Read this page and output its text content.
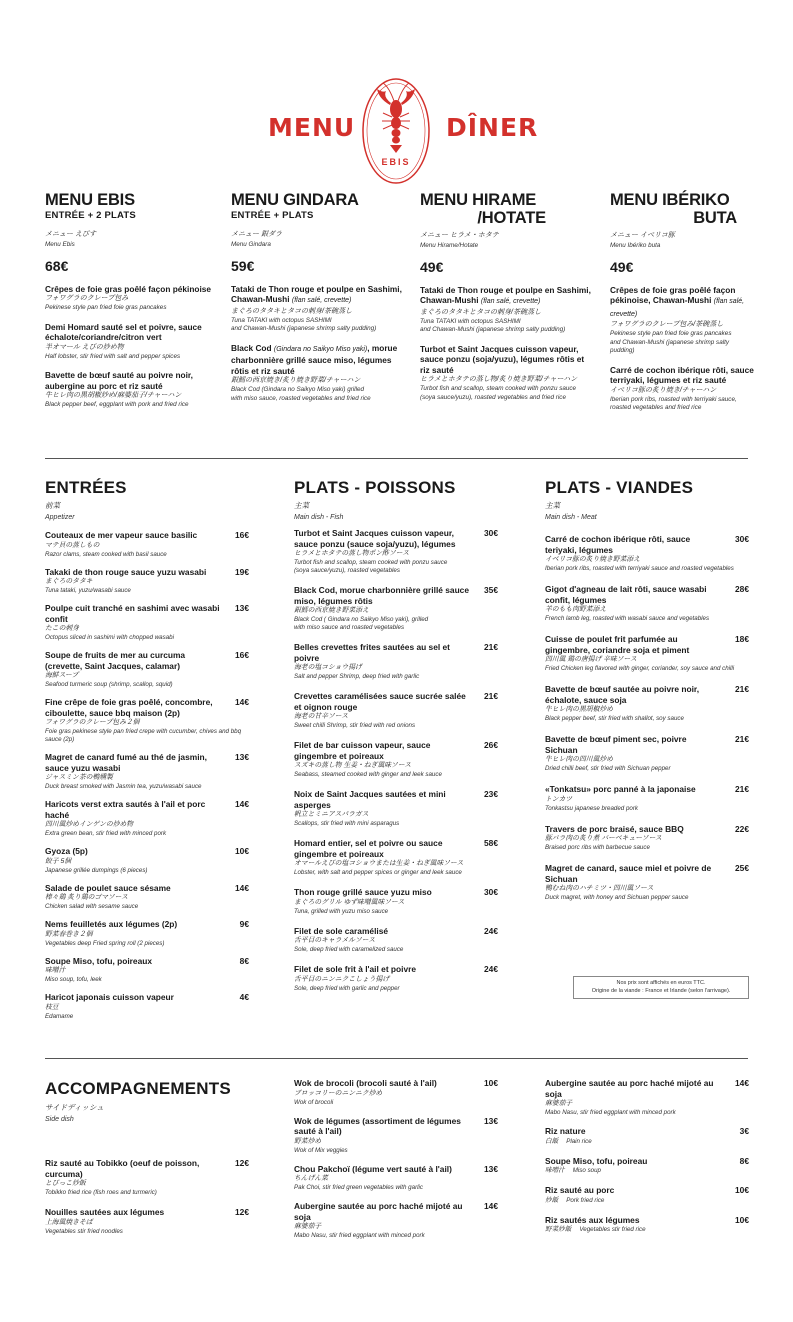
MENU	DÎNER
EBIS
MENU EBIS
ENTRÉE + 2 PLATS
メニュー えびす
Menu Ebis
68€
Crêpes de foie gras poêlé façon pékinoise
フォワグラのクレープ包み
Pekinese style pan fried foie gras pancakes
Demi Homard sauté sel et poivre, sauce échalote/coriandre/citron vert
半オマール えびの炒め物
Half lobster, stir fried with salt and pepper spices
Bavette de bœuf sauté au poivre noir, aubergine au porc et riz sauté
牛ヒレ肉の黒胡椒炒め/麻婆茄子/チャーハン
Black pepper beef, eggplant with pork and fried rice
MENU GINDARA
ENTRÉE + PLATS
メニュー 銀ダラ
Menu Gindara
59€
Tataki de Thon rouge et poulpe en Sashimi, Chawan-Mushi (flan salé, crevette)
まぐろのタタキとタコの刺身/茶碗蒸し
Tuna TATAKI with octopus SASHIMI
and Chawan-Mushi (japanese shrimp salty pudding)
Black Cod (Gindara no Saikyo Miso yaki), morue charbonnière grillé sauce miso, légumes rôtis et riz sauté
銀鱈の西京焼き/炙り焼き野菜/チャーハン
Black Cod (Gindara no Saikyo Miso yaki) grilled
with miso sauce, roasted vegetables and fried rice
MENU HIRAME
/HOTATE
メニュー ヒラメ・ホタテ
Menu Hirame/Hotate
49€
Tataki de Thon rouge et poulpe en Sashimi, Chawan-Mushi (flan salé, crevette)
まぐろのタタキとタコの刺身/茶碗蒸し
Tuna TATAKI with octopus SASHIMI
and Chawan-Mushi (japanese shrimp salty pudding)
Turbot et Saint Jacques cuisson vapeur, sauce ponzu (soja/yuzu), légumes rôtis et riz sauté
ヒラメとホタテの蒸し物/炙り焼き野菜/チャーハン
Turbot fish and scallop, steam cooked with ponzu sauce
(soya sauce/yuzu), roasted vegetables and fried rice
MENU IBÉRIKO
BUTA
メニュー イベリコ豚
Menu Ibériko buta
49€
Crêpes de foie gras poêlé façon pékinoise, Chawan-Mushi (flan salé, crevette)
フォワグラのクレープ包み/茶碗蒸し
Pekinese style pan fried foie gras pancakes
and Chawan-Mushi (japanese shrimp salty pudding)
Carré de cochon ibérique rôti, sauce terriyaki, légumes et riz sauté
イベリコ豚の炙り焼き/チャーハン
Iberian pork ribs, roasted with terriyaki sauce,
roasted vegetables and fried rice
ENTRÉES
前菜
Appetizer
Couteaux de mer vapeur sauce basilic	16€
マテ貝の蒸しもの
Razor clams, steam cooked with basil sauce
Takaki de thon rouge sauce yuzu wasabi	19€
まぐろのタタキ
Tuna tataki, yuzu/wasabi sauce
Poulpe cuit tranché en sashimi avec wasabi confit
13€
たこの刺身
Octopus sliced in sashimi with chopped wasabi
Soupe de fruits de mer au curcuma (crevette, Saint Jacques, calamar)
16€
海鮮スープ
Seafood turmeric soup (shrimp, scallop, squid)
Fine crêpe de foie gras poêlé, concombre, ciboulette, sauce bbq maison (2p)
14€
フォワグラのクレープ包み２個
Foie gras pekinese style pan fried crepe with cucumber, chives and bbq sauce (2p)
Magret de canard fumé au thé de jasmin, sauce yuzu wasabi
13€
ジャスミン茶の鴨燻製
Duck breast smoked with Jasmin tea, yuzu/wasabi sauce
Haricots verst extra sautés à l'ail et porc haché
14€
四川風炒めインゲンの炒め物
Extra green bean, stir fried with minced pork
Gyoza (5p)	10€
餃子 5個
Japanese grillée dumpings (6 pieces)
Salade de poulet sauce sésame	14€
棒々鶏 炙り鶏のゴマソース
Chicken salad with sesame sauce
Nems feuilletés aux légumes (2p)	9€
野菜春巻き２個
Vegetables deep Fried spring roll (2 pieces)
Soupe Miso, tofu, poireaux	8€
味噌汁
Miso soup, tofu, leek
Haricot japonais cuisson vapeur	4€
枝豆
Edamame
PLATS - POISSONS
主菜
Main dish - Fish
Turbot et Saint Jacques cuisson vapeur, sauce ponzu (sauce soja/yuzu), légumes
30€
ヒラメとホタテの蒸し物ポン酢ソース
Turbot fish and scallop, steam cooked with ponzu sauce
(soya sauce/yuzu), roasted vegetables
Black Cod, morue charbonnière grillé sauce miso, légumes rôtis
35€
銀鱈の西京焼き野菜添え
Black Cod ( Gindara no Saikyo Miso yaki), grilled
with miso sauce and roasted vegetables
Belles crevettes frites sautées au sel et poivre
21€
海老の塩コショウ揚げ
Salt and pepper Shrimp, deep fried with garlic
Crevettes caramélisées sauce sucrée salée et oignon rouge
21€
海老の甘辛ソース
Sweet chilli Shrimp, stir fried with red onions
Filet de bar cuisson vapeur, sauce gingembre et poireaux
26€
スズキの蒸し物 生姜・ねぎ風味ソース
Seabass, steamed cooked with ginger and leek sauce
Noix de Saint Jacques sautées et mini asperges
23€
帆立とミニアスパラガス
Scallops, stir fried with mini asparagus
Homard entier, sel et poivre ou sauce gingembre et poireaux
58€
オマールえびの塩コショウまたは生姜・ねぎ風味ソース
Lobster, with salt and pepper spices or ginger and leek sauce
Thon rouge grillé sauce yuzu miso	30€
まぐろのグリル ゆず味噌風味ソース
Tuna, grilled with yuzu miso sauce
Filet de sole caramélisé	24€
舌平目のキャラメルソース
Sole, deep fried with caramelized sauce
Filet de sole frit à l'ail et poivre	24€
舌平目のニンニクこしょう揚げ
Sole, deep fried with garlic and pepper
PLATS - VIANDES
主菜
Main dish - Meat
Carré de cochon ibérique rôti, sauce teriyaki, légumes
30€
イベリコ豚の炙り焼き野菜添え
Iberian pork ribs, roasted with terriyaki sauce and roasted vegetables
Gigot d'agneau de lait rôti, sauce wasabi confit, légumes
28€
羊のもも肉野菜添え
French lamb leg, roasted with wasabi sauce and vegetables
Cuisse de poulet frit parfumée au gingembre, coriandre soja et piment
18€
四川風 鶏の唐揚げ 辛味ソース
Fried Chicken leg flavored with ginger, coriander, soy sauce and chilli
Bavette de bœuf sautée au poivre noir, échalote, sauce soja
21€
牛ヒレ肉の黒胡椒炒め
Black pepper beef, stir fried with shallot, soy sauce
Bavette de bœuf piment sec, poivre Sichuan
21€
牛ヒレ肉の四川風炒め
Dried chilli beef, stir fried with Sichuan pepper
«Tonkatsu» porc panné à la japonaise	21€
トンカツ
Tonkastsu japanese breaded pork
Travers de porc braisé, sauce BBQ	22€
豚バラ肉の炙り煮 バーベキューソース
Braised porc ribs with barbecue sauce
Magret de canard, sauce miel et poivre de Sichuan
25€
鴨むね肉のハチミツ・四川風ソース
Duck magret, with honey and Sichuan pepper sauce
Nos prix sont affichés en euros TTC.
Origine de la viande : France et Irlande (selon l'arrivage).
ACCOMPAGNEMENTS
サイドディッシュ
Side dish
Riz sauté au Tobikko (oeuf de poisson, curcuma)
12€
とびっこ炒飯
Tobikko fried rice (fish roes and turmeric)
Nouilles sautées aux légumes	12€
上海風焼きそば
Vegetables stir fried noodles
Wok de brocoli (brocoli sauté à l'ail)	10€
ブロッコリーのニンニク炒め
Wok of brocoli
Wok de légumes (assortiment de légumes sauté à l'ail)
13€
野菜炒め
Wok of Mix veggies
Chou Pakchoï (légume vert sauté à l'ail)	13€
ちんげん菜
Pak Choi, stir fried green vegetables with garlic
Aubergine sautée au porc haché mijoté au soja
14€
麻婆茄子
Mabo Nasu, stir fried eggplant with minced pork
Aubergine sautée au porc haché mijoté au soja
14€
麻婆茄子
Mabo Nasu, stir fried eggplant with minced pork
Riz nature	3€
白飯 Plain rice
Soupe Miso, tofu, poireau	8€
味噌汁 Miso soup
Riz sauté au porc	10€
炒飯 Pork fried rice
Riz sautés aux légumes	10€
野菜炒飯 Vegetables stir fried rice
